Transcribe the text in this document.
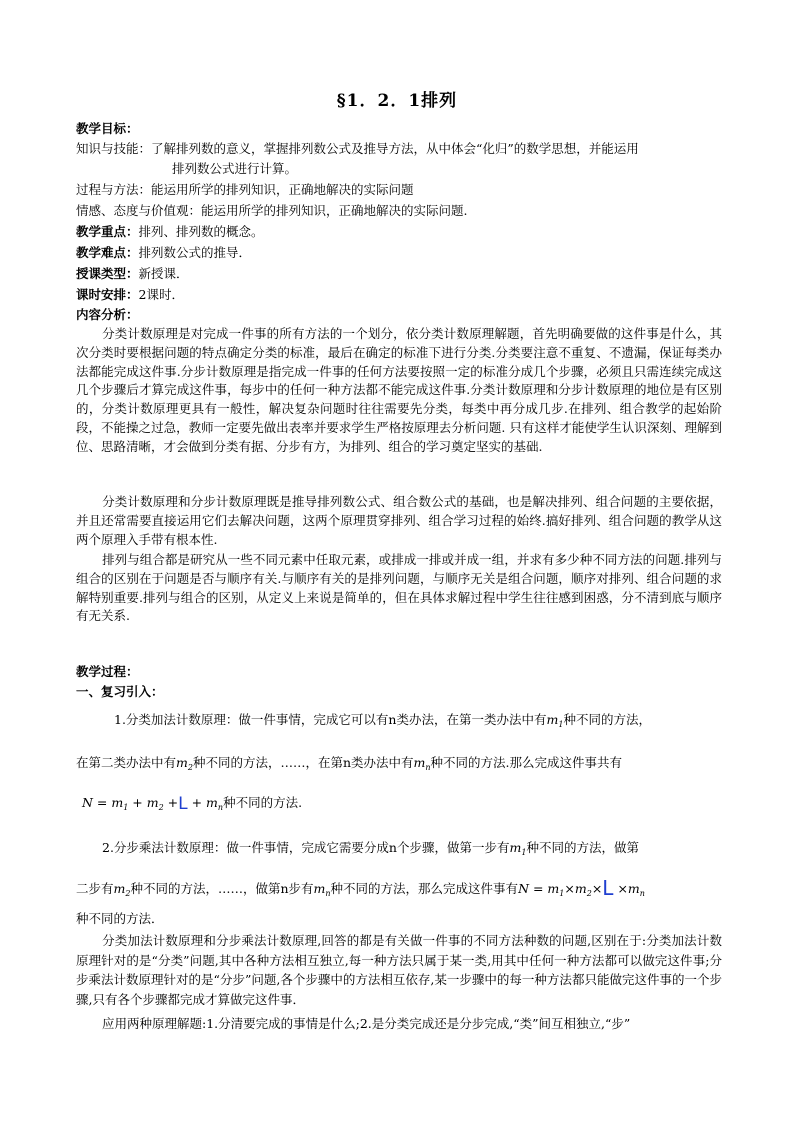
§1．2．1排列
教学目标：
知识与技能：了解排列数的意义，掌握排列数公式及推导方法，从中体会“化归”的数学思想，并能运用
排列数公式进行计算。
过程与方法：能运用所学的排列知识，正确地解决的实际问题
情感、态度与价值观：能运用所学的排列知识，正确地解决的实际问题.
教学重点：排列、排列数的概念。
教学难点：排列数公式的推导．
授课类型：新授课．
课时安排：2课时．
内容分析：
分类计数原理是对完成一件事的所有方法的一个划分，依分类计数原理解题，首先明确要做的这件事是什么，其次分类时要根据问题的特点确定分类的标准，最后在确定的标准下进行分类.分类要注意不重复、不遗漏，保证每类办法都能完成这件事.分步计数原理是指完成一件事的任何方法要按照一定的标准分成几个步骤，必须且只需连续完成这几个步骤后才算完成这件事，每步中的任何一种方法都不能完成这件事.分类计数原理和分步计数原理的地位是有区别的，分类计数原理更具有一般性，解决复杂问题时往往需要先分类，每类中再分成几步.在排列、组合教学的起始阶段，不能操之过急，教师一定要先做出表率并要求学生严格按原理去分析问题. 只有这样才能使学生认识深刻、理解到位、思路清晰，才会做到分类有据、分步有方，为排列、组合的学习奠定坚实的基础.
分类计数原理和分步计数原理既是推导排列数公式、组合数公式的基础，也是解决排列、组合问题的主要依据，并且还常需要直接运用它们去解决问题，这两个原理贯穿排列、组合学习过程的始终.搞好排列、组合问题的教学从这两个原理入手带有根本性.
排列与组合都是研究从一些不同元素中任取元素，或排成一排或并成一组，并求有多少种不同方法的问题.排列与组合的区别在于问题是否与顺序有关.与顺序有关的是排列问题，与顺序无关是组合问题，顺序对排列、组合问题的求解特别重要.排列与组合的区别，从定义上来说是简单的，但在具体求解过程中学生往往感到困惑，分不清到底与顺序有无关系.
教学过程：
一、复习引入：
1.分类加法计数原理：做一件事情，完成它可以有n类办法，在第一类办法中有$m_1$种不同的方法，
在第二类办法中有$m_2$种不同的方法，……，在第n类办法中有$m_n$种不同的方法.那么完成这件事共有
$N = m_1 + m_2 +L + m_n$种不同的方法.
2.分步乘法计数原理：做一件事情，完成它需要分成n个步骤，做第一步有$m_1$种不同的方法，做第
二步有$m_2$种不同的方法，……，做第n步有$m_n$种不同的方法，那么完成这件事有$N = m_1\times m_2\times L \times m_n$
种不同的方法．
分类加法计数原理和分步乘法计数原理,回答的都是有关做一件事的不同方法种数的问题,区别在于:分类加法计数原理针对的是“分类”问题,其中各种方法相互独立,每一种方法只属于某一类,用其中任何一种方法都可以做完这件事;分步乘法计数原理针对的是“分步”问题,各个步骤中的方法相互依存,某一步骤中的每一种方法都只能做完这件事的一个步骤,只有各个步骤都完成才算做完这件事．
应用两种原理解题:1.分清要完成的事情是什么;2.是分类完成还是分步完成,“类”间互相独立,“步”
